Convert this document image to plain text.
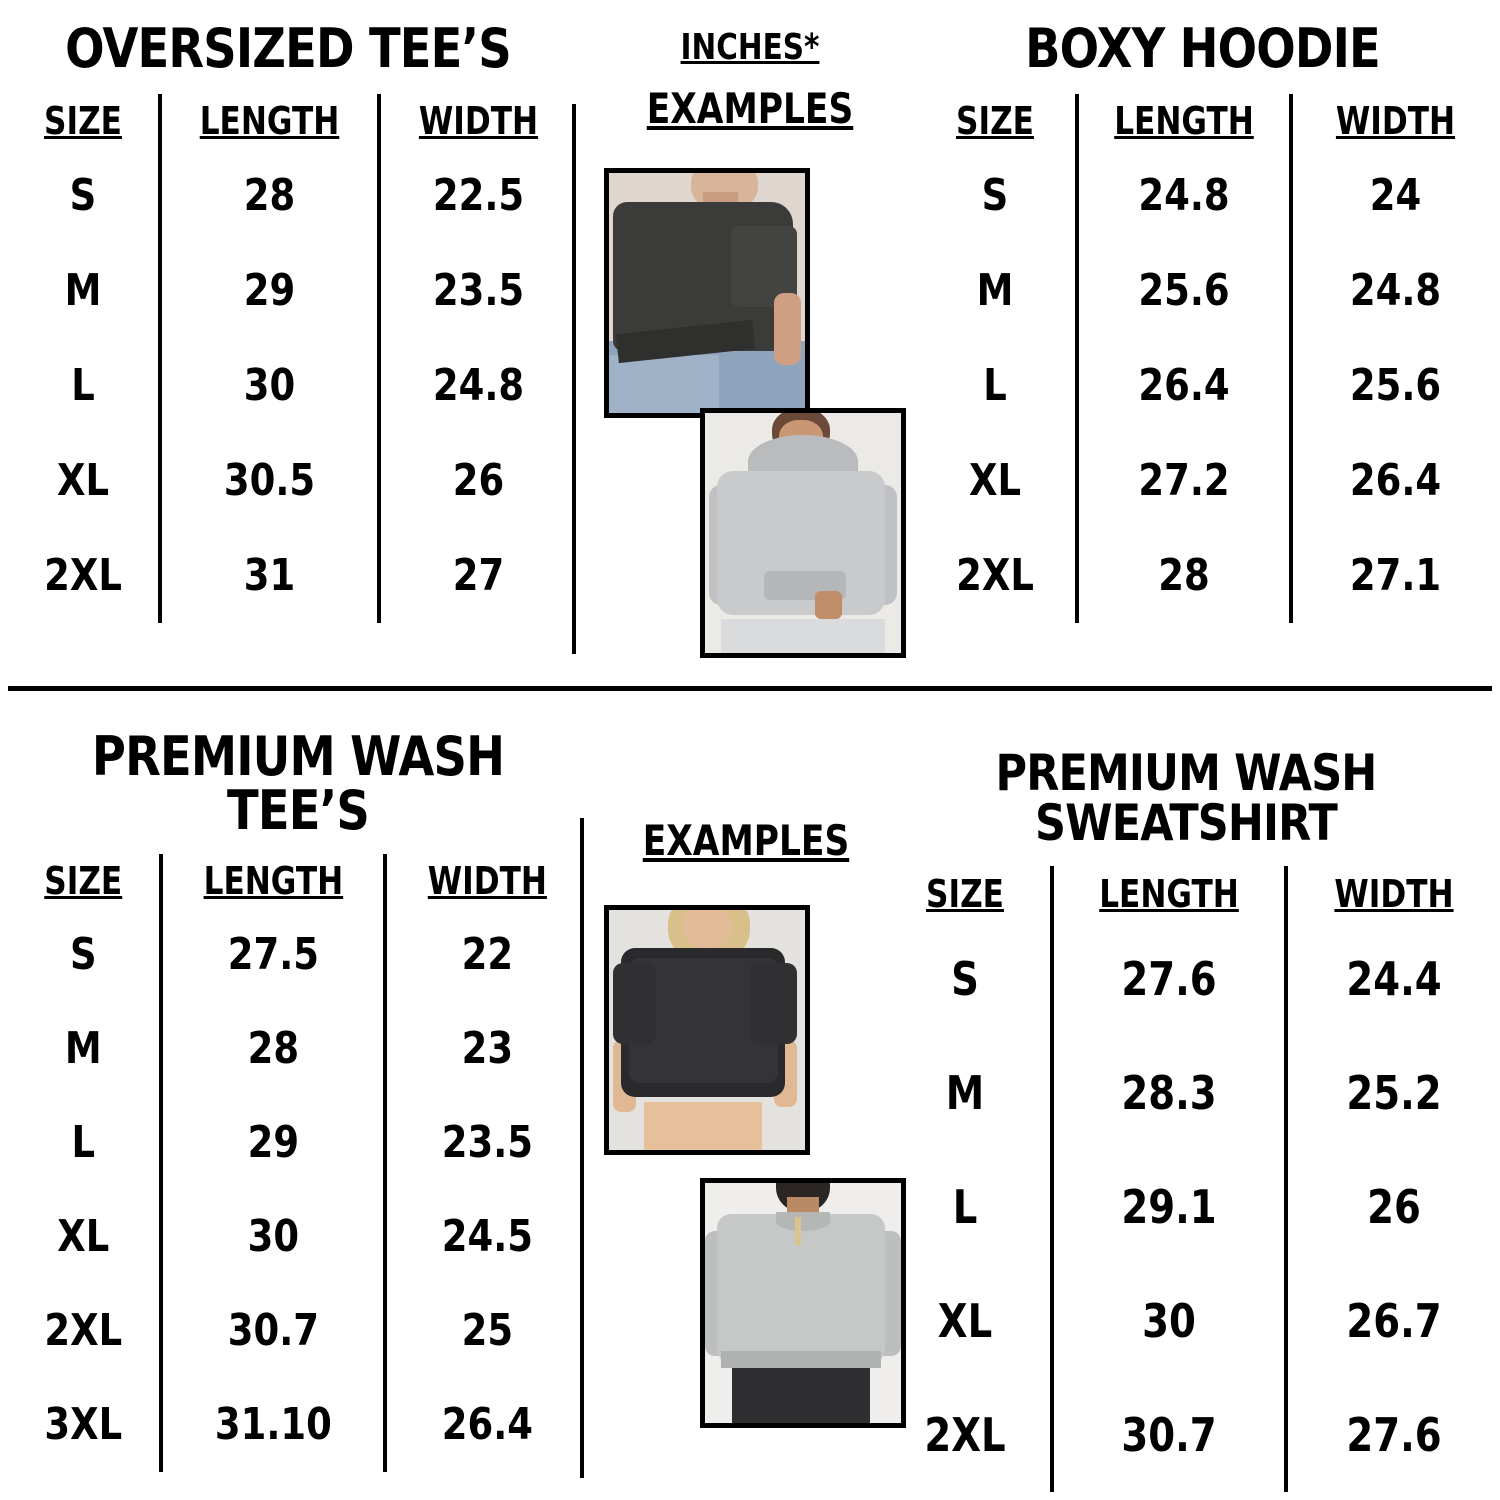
OVERSIZED TEE’S
SIZE	LENGTH	WIDTH

S	28	22.5

M	29	23.5

L	30	24.8

XL	30.5	26

2XL	31	27
INCHES*
EXAMPLES
BOXY HOODIE
SIZE	LENGTH	WIDTH

S	24.8	24

M	25.6	24.8

L	26.4	25.6

XL	27.2	26.4

2XL	28	27.1
PREMIUM WASH TEE’S
SIZE	LENGTH	WIDTH

S	27.5	22

M	28	23

L	29	23.5

XL	30	24.5

2XL	30.7	25

3XL	31.10	26.4
EXAMPLES
PREMIUM WASH SWEATSHIRT
SIZE	LENGTH	WIDTH

S	27.6	24.4

M	28.3	25.2

L	29.1	26

XL	30	26.7

2XL	30.7	27.6
